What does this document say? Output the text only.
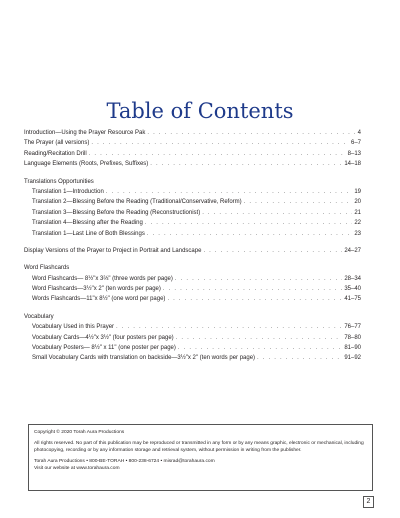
Table of Contents
Introduction—Using the Prayer Resource Pak . . .	4
The Prayer (all versions) . . .	6–7
Reading/Recitation Drill . . .	8–13
Language Elements (Roots, Prefixes, Suffixes) . . .	14–18
Translations Opportunities
Translation 1—Introduction . . .	19
Translation 2—Blessing Before the Reading (Traditional/Conservative, Reform) . . .	20
Translation 3—Blessing Before the Reading (Reconstructionist) . . .	21
Translation 4—Blessing after the Reading . . .	22
Translation 1—Last Line of Both Blessings . . .	23
Display Versions of the Prayer to Project in Portrait and Landscape . . .	24–27
Word Flashcards
Word Flashcards— 8½"x 3⅔" (three words per page) . . .	28–34
Word Flashcards—3½"x 2" (ten words per page) . . .	35–40
Words Flashcards—11"x 8½" (one word per page) . . .	41–75
Vocabulary
Vocabulary Used in this Prayer . . .	76–77
Vocabulary Cards—4½"x 3½" (four posters per page) . . .	78–80
Vocabulary Posters— 8½" x 11" (one poster per page) . . .	81–90
Small Vocabulary Cards with translation on backside—3½"x 2" (ten words per page) . . .	91–92

Copyright © 2020 Torah Aura Productions

All rights reserved. No part of this publication may be reproduced or transmitted in any form or by any means graphic, electronic or mechanical, including photocopying, recording or by any information storage and retrieval system, without permission in writing from the publisher.

Torah Aura Productions • 800-BE-TORAH • 800-238-6724 • misrad@torahaura.com

Visit our website at www.torahaura.com

2
